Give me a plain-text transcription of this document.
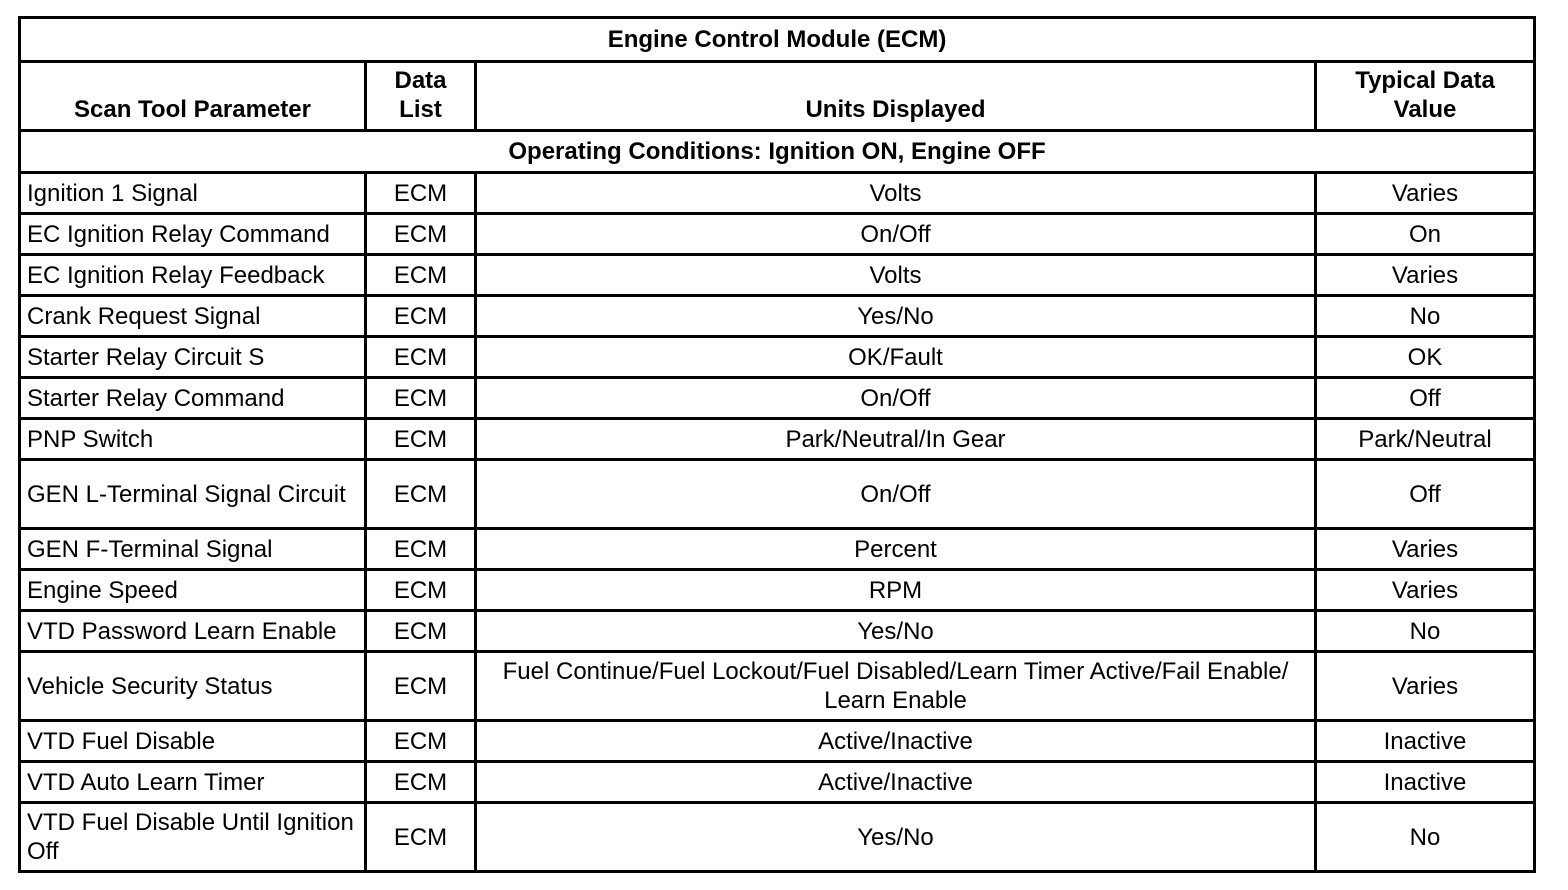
Engine Control Module (ECM)			
Scan Tool Parameter	Data List	Units Displayed	Typical Data Value
Operating Conditions: Ignition ON, Engine OFF			
Ignition 1 Signal	ECM	Volts	Varies
EC Ignition Relay Command	ECM	On/Off	On
EC Ignition Relay Feedback	ECM	Volts	Varies
Crank Request Signal	ECM	Yes/No	No
Starter Relay Circuit S	ECM	OK/Fault	OK
Starter Relay Command	ECM	On/Off	Off
PNP Switch	ECM	Park/Neutral/In Gear	Park/Neutral
GEN L-Terminal Signal Circuit	ECM	On/Off	Off
GEN F-Terminal Signal	ECM	Percent	Varies
Engine Speed	ECM	RPM	Varies
VTD Password Learn Enable	ECM	Yes/No	No
Vehicle Security Status	ECM	Fuel Continue/Fuel Lockout/Fuel Disabled/Learn Timer Active/Fail Enable/ Learn Enable	Varies
VTD Fuel Disable	ECM	Active/Inactive	Inactive
VTD Auto Learn Timer	ECM	Active/Inactive	Inactive
VTD Fuel Disable Until Ignition Off	ECM	Yes/No	No
